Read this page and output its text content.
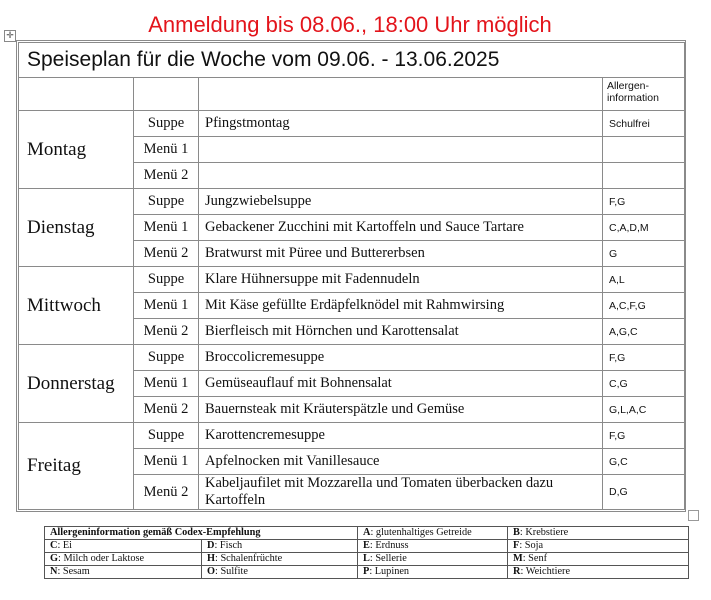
Anmeldung bis 08.06., 18:00 Uhr möglich
✛
Speiseplan für die Woche vom 09.06. - 13.06.2025			
			Allergen-
information
Montag	Suppe	Pfingstmontag	Schulfrei
	Menü 1		
	Menü 2		
Dienstag	Suppe	Jungzwiebelsuppe	F,G
	Menü 1	Gebackener Zucchini mit Kartoffeln und Sauce Tartare	C,A,D,M
	Menü 2	Bratwurst mit Püree und Buttererbsen	G
Mittwoch	Suppe	Klare Hühnersuppe mit Fadennudeln	A,L
	Menü 1	Mit Käse gefüllte Erdäpfelknödel mit Rahmwirsing	A,C,F,G
	Menü 2	Bierfleisch mit Hörnchen und Karottensalat	A,G,C
Donnerstag	Suppe	Broccolicremesuppe	F,G
	Menü 1	Gemüseauflauf mit Bohnensalat	C,G
	Menü 2	Bauernsteak mit Kräuterspätzle und Gemüse	G,L,A,C
Freitag	Suppe	Karottencremesuppe	F,G
	Menü 1	Apfelnocken mit Vanillesauce	G,C
	Menü 2	Kabeljaufilet mit Mozzarella und Tomaten überbacken dazu Kartoffeln	D,G
Allergeninformation gemäß Codex-Empfehlung		A: glutenhaltiges Getreide	B: Krebstiere
C: Ei	D: Fisch	E: Erdnuss	F: Soja
G: Milch oder Laktose	H: Schalenfrüchte	L: Sellerie	M: Senf
N: Sesam	O: Sulfite	P: Lupinen	R: Weichtiere
